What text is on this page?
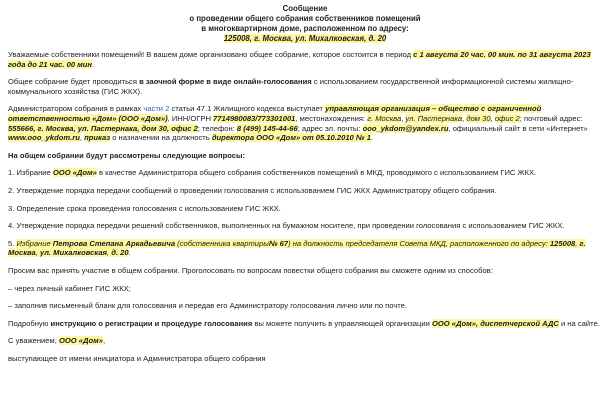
Сообщение
о проведении общего собрания собственников помещений
в многоквартирном доме, расположенном по адресу:
125008, г. Москва, ул. Михалковская, д. 20

Уважаемые собственники помещений! В вашем доме организовано общее собрание, которое состоится в период с 1 августа 20 час. 00 мин. по 31 августа 2023 года до 21 час. 00 мин.

Общее собрание будет проводиться в заочной форме в виде онлайн-голосования с использованием государственной информационной системы жилищно-коммунального хозяйства (ГИС ЖКХ).

Администратором собрания в рамках части 2 статьи 47.1 Жилищного кодекса выступает управляющая организация – общество с ограниченной ответственностью «Дом» (ООО «Дом»), ИНН/ОГРН 7714980083/773301001, местонахождения: г. Москва, ул. Пастернака, дом 30, офис 2; почтовый адрес: 555666, г. Москва, ул. Пастернака, дом 30, офис 2; телефон: 8 (499) 145-44-66; адрес эл. почты: ooo_ykdom@yandex.ru, официальный сайт в сети «Интернет» www.ooo_ykdom.ru, приказ о назначении на должность директора ООО «Дом» от 05.10.2010 № 1.

На общем собрании будут рассмотрены следующие вопросы:

1. Избрание ООО «Дом» в качестве Администратора общего собрания собственников помещений в МКД, проводимого с использованием ГИС ЖКХ.

2. Утверждение порядка передачи сообщений о проведении голосования с использованием ГИС ЖКХ Администратору общего собрания.

3. Определение срока проведения голосования с использованием ГИС ЖКХ.

4. Утверждение порядка передачи решений собственников, выполненных на бумажном носителе, при проведении голосования с использованием ГИС ЖКХ.

5. Избрание Петрова Степана Аркадьевича (собственника квартиры№ 67) на должность председателя Совета МКД, расположенного по адресу: 125008, г. Москва, ул. Михалковская, д. 20.

Просим вас принять участие в общем собрании. Проголосовать по вопросам повестки общего собрания вы сможете одним из способов:

– через личный кабинет ГИС ЖКХ;

– заполнив письменный бланк для голосования и передав его Администратору голосования лично или по почте.

Подробную инструкцию о регистрации и процедуре голосования вы можете получить в управляющей организации ООО «Дом», диспетчерской АДС и на сайте.

С уважением, ООО «Дом»,

выступающее от имени инициатора и Администратора общего собрания
